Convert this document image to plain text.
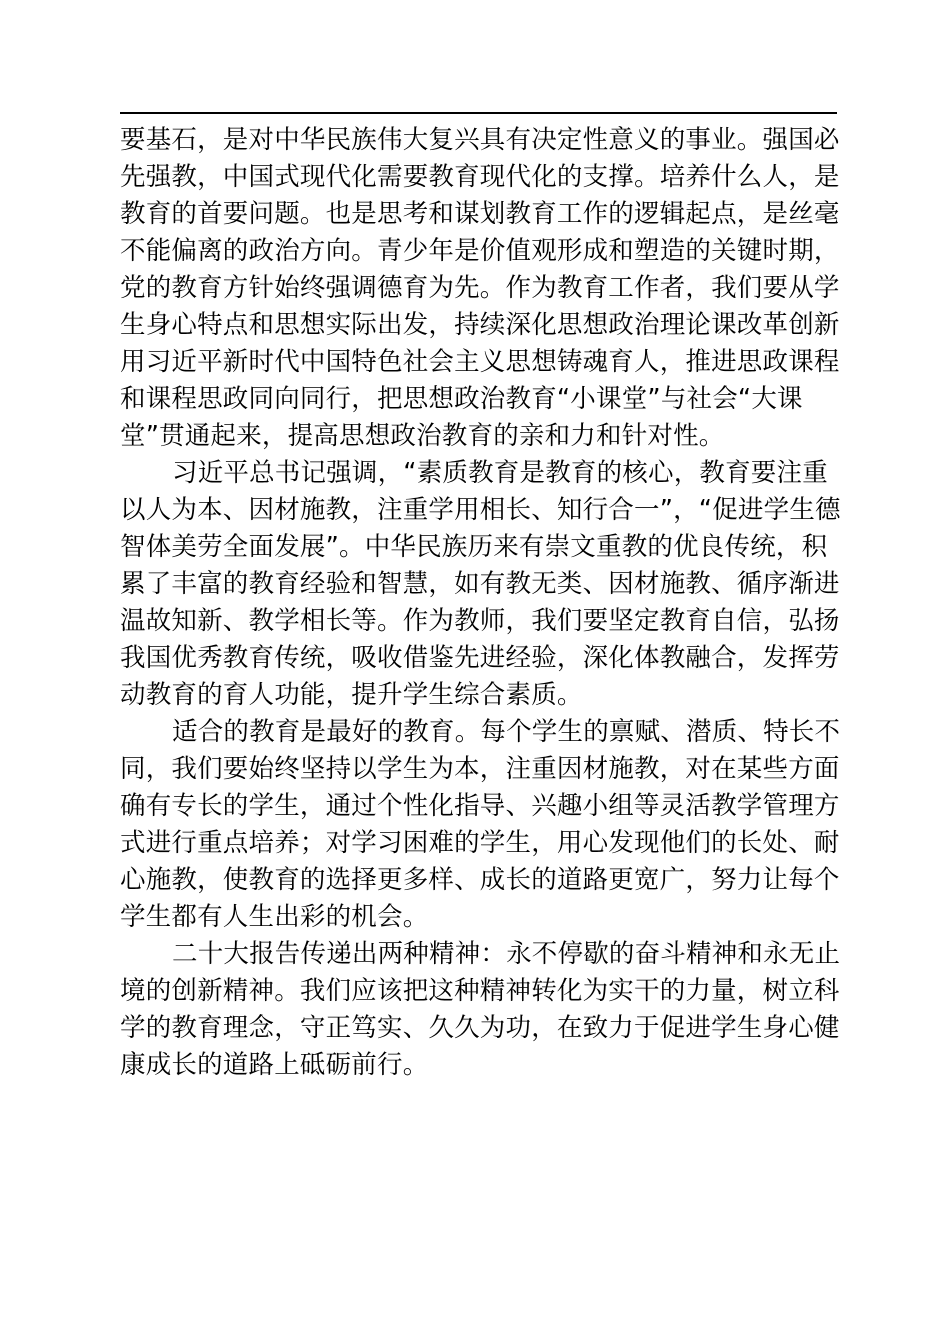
要基石，是对中华民族伟大复兴具有决定性意义的事业。强国必
先强教，中国式现代化需要教育现代化的支撑。培养什么人，是
教育的首要问题。也是思考和谋划教育工作的逻辑起点，是丝毫
不能偏离的政治方向。青少年是价值观形成和塑造的关键时期，
党的教育方针始终强调德育为先。作为教育工作者，我们要从学
生身心特点和思想实际出发，持续深化思想政治理论课改革创新
用习近平新时代中国特色社会主义思想铸魂育人，推进思政课程
和课程思政同向同行，把思想政治教育“小课堂”与社会“大课
堂”贯通起来，提高思想政治教育的亲和力和针对性。
习近平总书记强调，“素质教育是教育的核心，教育要注重
以人为本、因材施教，注重学用相长、知行合一”，“促进学生德
智体美劳全面发展”。中华民族历来有崇文重教的优良传统，积
累了丰富的教育经验和智慧，如有教无类、因材施教、循序渐进
温故知新、教学相长等。作为教师，我们要坚定教育自信，弘扬
我国优秀教育传统，吸收借鉴先进经验，深化体教融合，发挥劳
动教育的育人功能，提升学生综合素质。
适合的教育是最好的教育。每个学生的禀赋、潜质、特长不
同，我们要始终坚持以学生为本，注重因材施教，对在某些方面
确有专长的学生，通过个性化指导、兴趣小组等灵活教学管理方
式进行重点培养；对学习困难的学生，用心发现他们的长处、耐
心施教，使教育的选择更多样、成长的道路更宽广，努力让每个
学生都有人生出彩的机会。
二十大报告传递出两种精神：永不停歇的奋斗精神和永无止
境的创新精神。我们应该把这种精神转化为实干的力量，树立科
学的教育理念，守正笃实、久久为功，在致力于促进学生身心健
康成长的道路上砥砺前行。
